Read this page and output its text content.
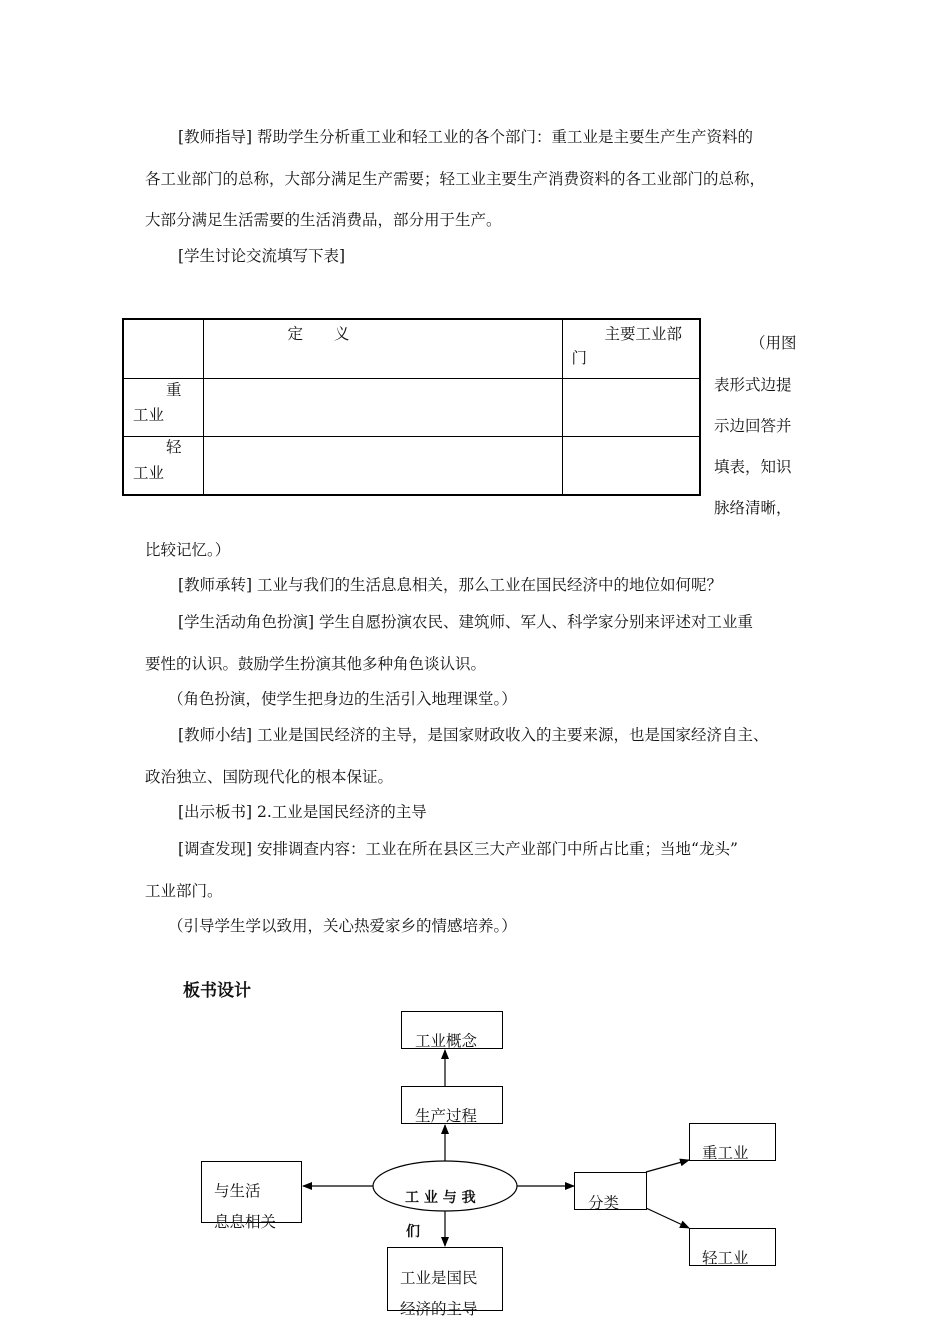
[教师指导] 帮助学生分析重工业和轻工业的各个部门：重工业是主要生产生产资料的
各工业部门的总称，大部分满足生产需要；轻工业主要生产消费资料的各工业部门的总称，
大部分满足生活需要的生活消费品，部分用于生产。
[学生讨论交流填写下表]

	定　　义	主要工业部
门

重
工业		

轻
工业		

（用图
表形式边提
示边回答并
填表，知识
脉络清晰，
比较记忆。）
[教师承转] 工业与我们的生活息息相关，那么工业在国民经济中的地位如何呢？
[学生活动角色扮演] 学生自愿扮演农民、建筑师、军人、科学家分别来评述对工业重
要性的认识。鼓励学生扮演其他多种角色谈认识。
（角色扮演，使学生把身边的生活引入地理课堂。）
[教师小结] 工业是国民经济的主导，是国家财政收入的主要来源，也是国家经济自主、
政治独立、国防现代化的根本保证。
[出示板书] 2.工业是国民经济的主导
[调查发现] 安排调查内容：工业在所在县区三大产业部门中所占比重；当地“龙头”
工业部门。
（引导学生学以致用，关心热爱家乡的情感培养。）
板书设计
工 业 与 我
们
工业概念
生产过程
与生活
息息相关
分类
重工业
轻工业
工业是国民
经济的主导
